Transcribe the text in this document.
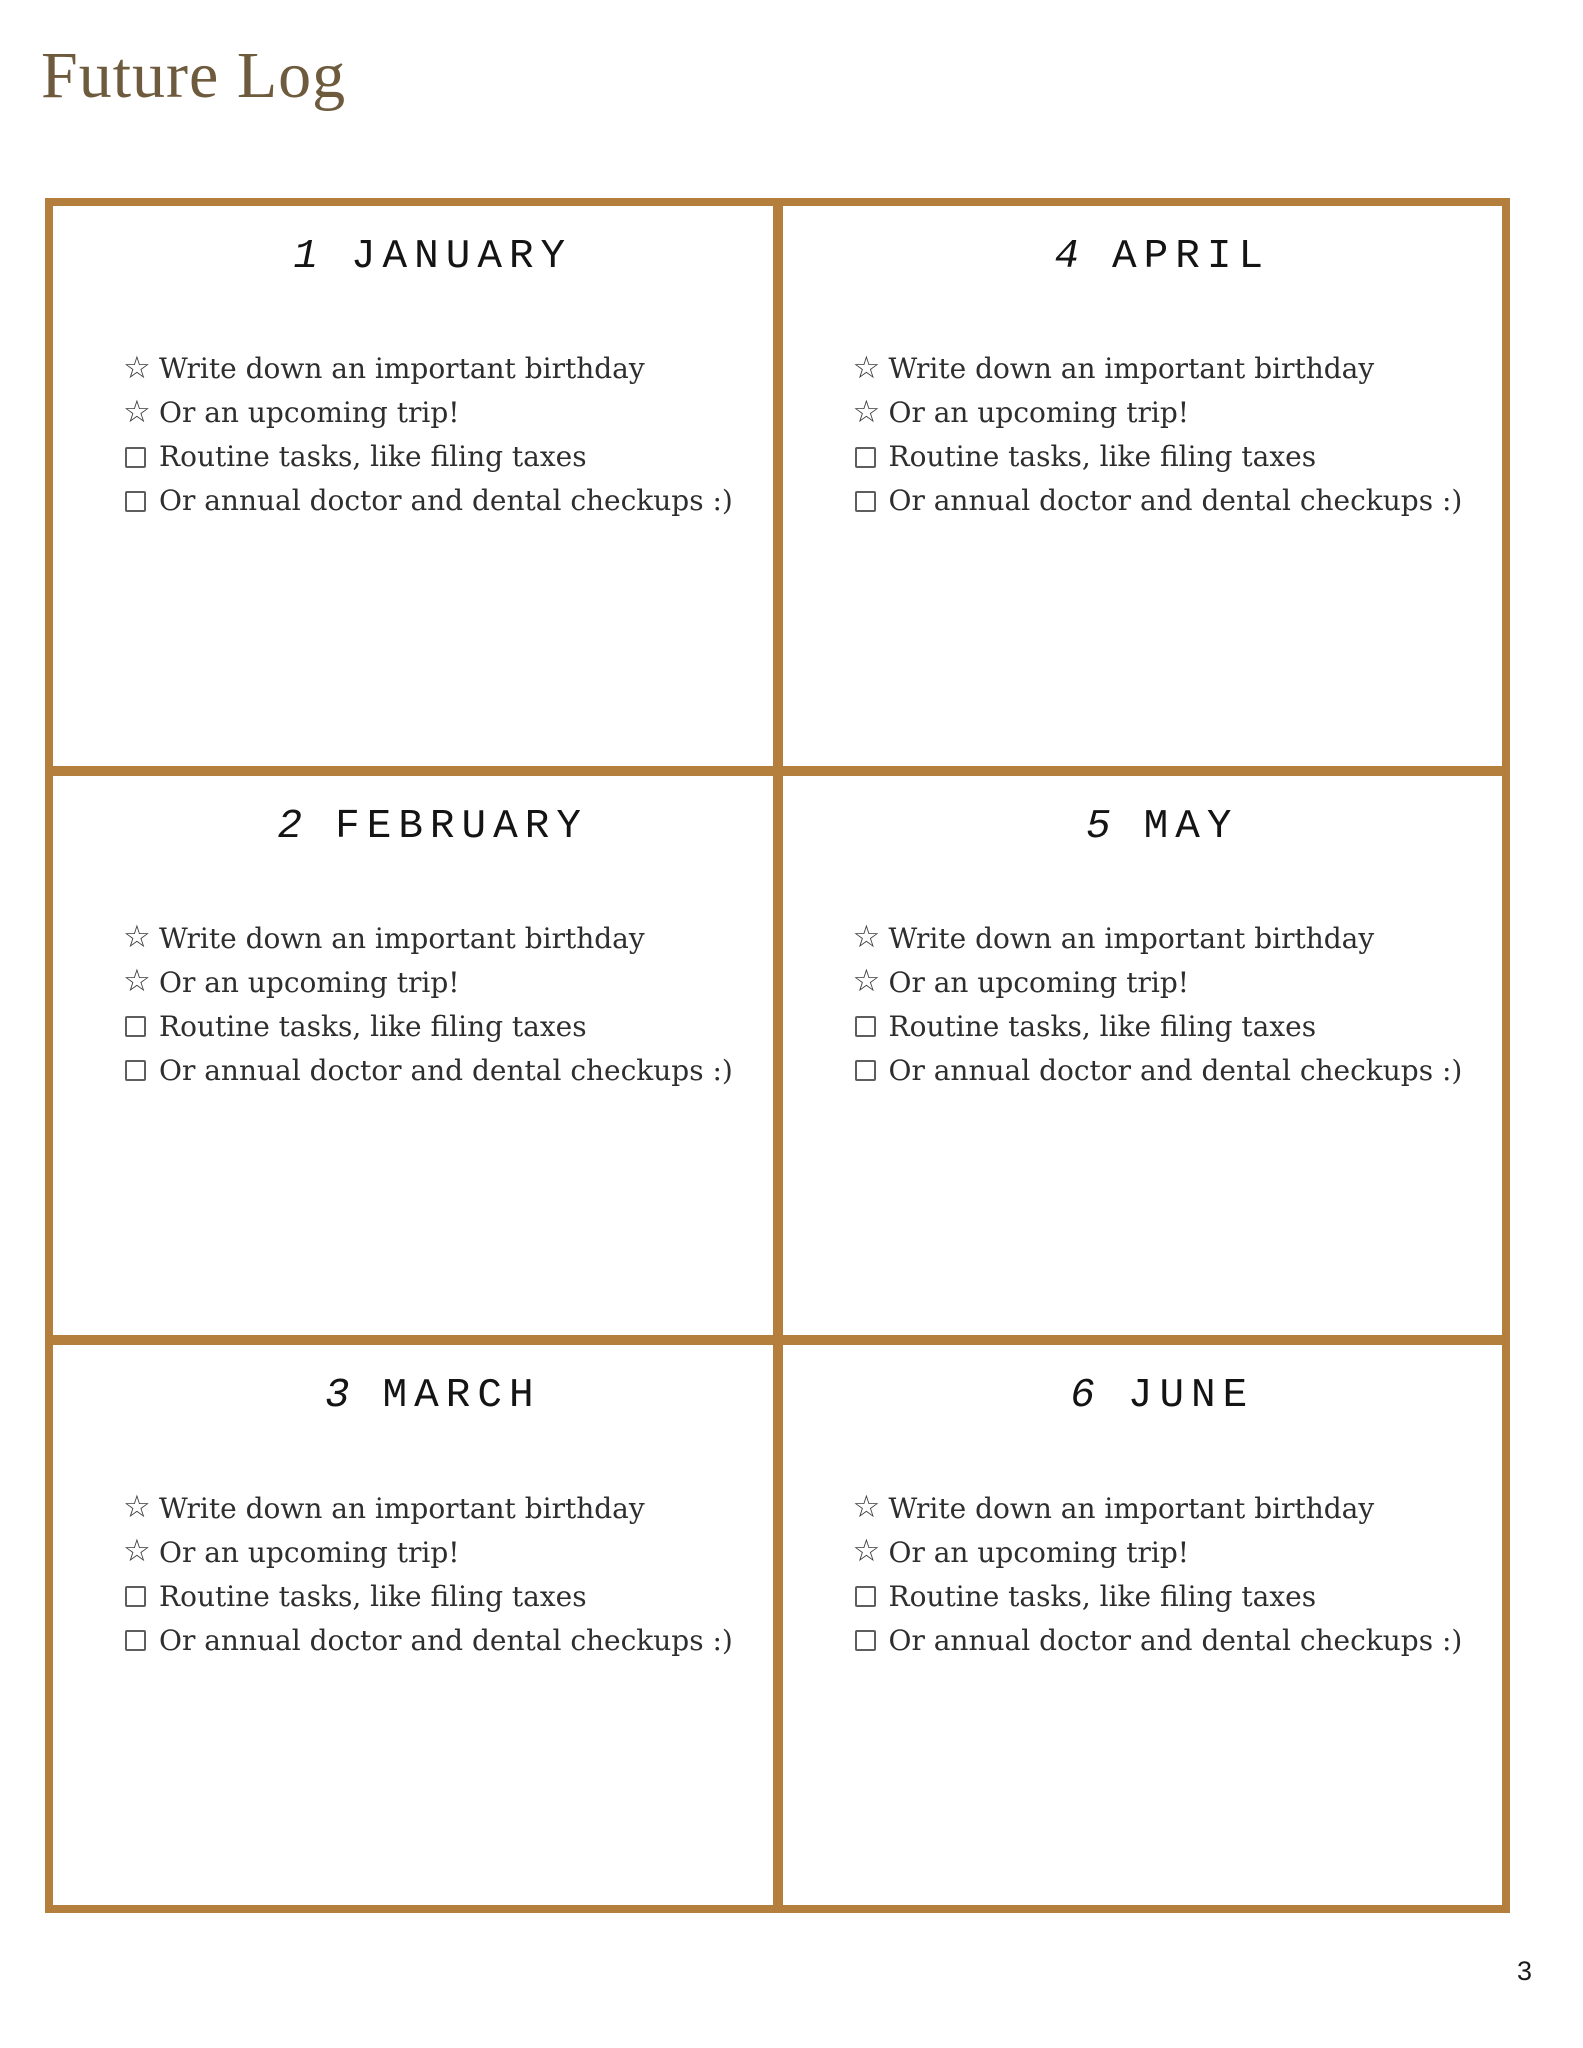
Future Log
1 JANUARY
☆ Write down an important birthday
☆ Or an upcoming trip!
Routine tasks, like filing taxes
Or annual doctor and dental checkups :)
2 FEBRUARY
☆ Write down an important birthday
☆ Or an upcoming trip!
Routine tasks, like filing taxes
Or annual doctor and dental checkups :)
3 MARCH
☆ Write down an important birthday
☆ Or an upcoming trip!
Routine tasks, like filing taxes
Or annual doctor and dental checkups :)
4 APRIL
☆ Write down an important birthday
☆ Or an upcoming trip!
Routine tasks, like filing taxes
Or annual doctor and dental checkups :)
5 MAY
☆ Write down an important birthday
☆ Or an upcoming trip!
Routine tasks, like filing taxes
Or annual doctor and dental checkups :)
6 JUNE
☆ Write down an important birthday
☆ Or an upcoming trip!
Routine tasks, like filing taxes
Or annual doctor and dental checkups :)
3
